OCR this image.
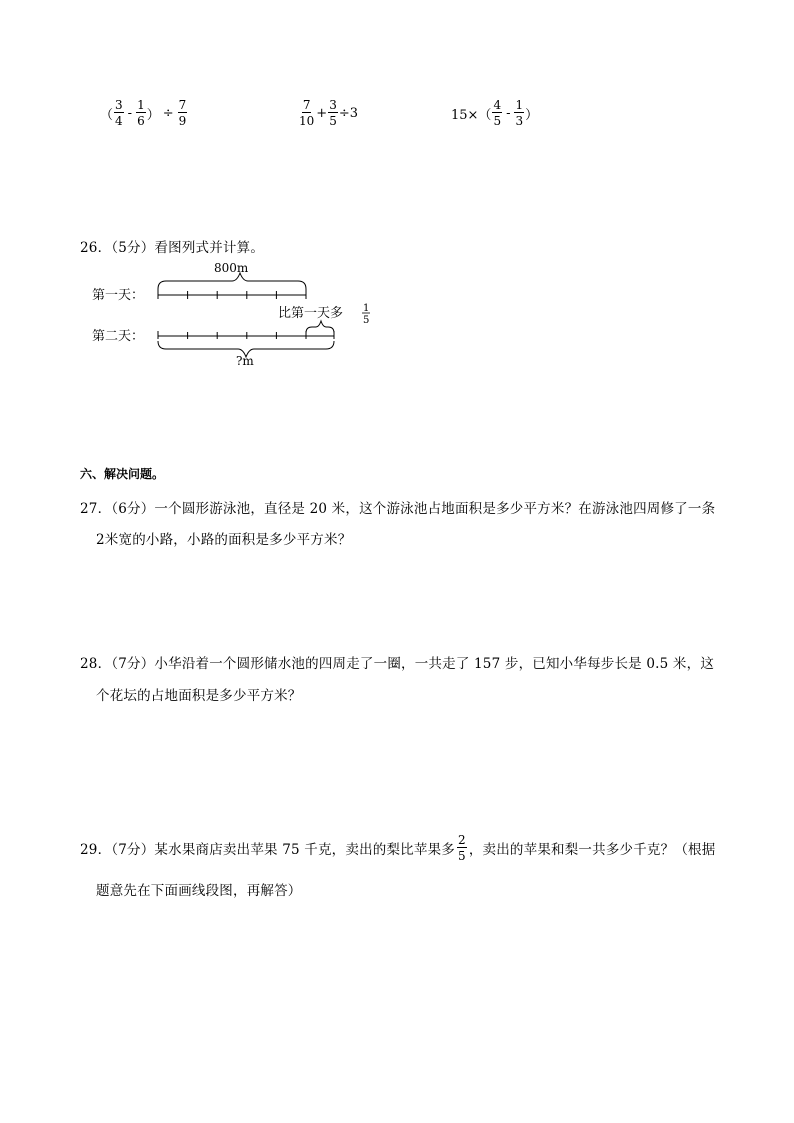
（ $\frac{3}{4} - \frac{1}{6}$ ） ÷ $\frac{7}{9}$	$\frac{7}{10} + \frac{3}{5} \div 3$	$15\times( \frac{4}{5} - \frac{1}{3}$ ）
26．（5分）看图列式并计算。
第一天：
第二天：
800m
比第一天多 1
5
?m
六、解决问题。
27．（6分）一个圆形游泳池，直径是 20 米，这个游泳池占地面积是多少平方米？在游泳池四周修了一条
2米宽的小路，小路的面积是多少平方米？
28．（7分）小华沿着一个圆形储水池的四周走了一圈，一共走了 157 步，已知小华每步长是 0.5 米，这
个花坛的占地面积是多少平方米？
29．（7分）某水果商店卖出苹果 75 千克，卖出的梨比苹果多 $\frac{2}{5}$ ，卖出的苹果和梨一共多少千克？（根据
题意先在下面画线段图，再解答）
